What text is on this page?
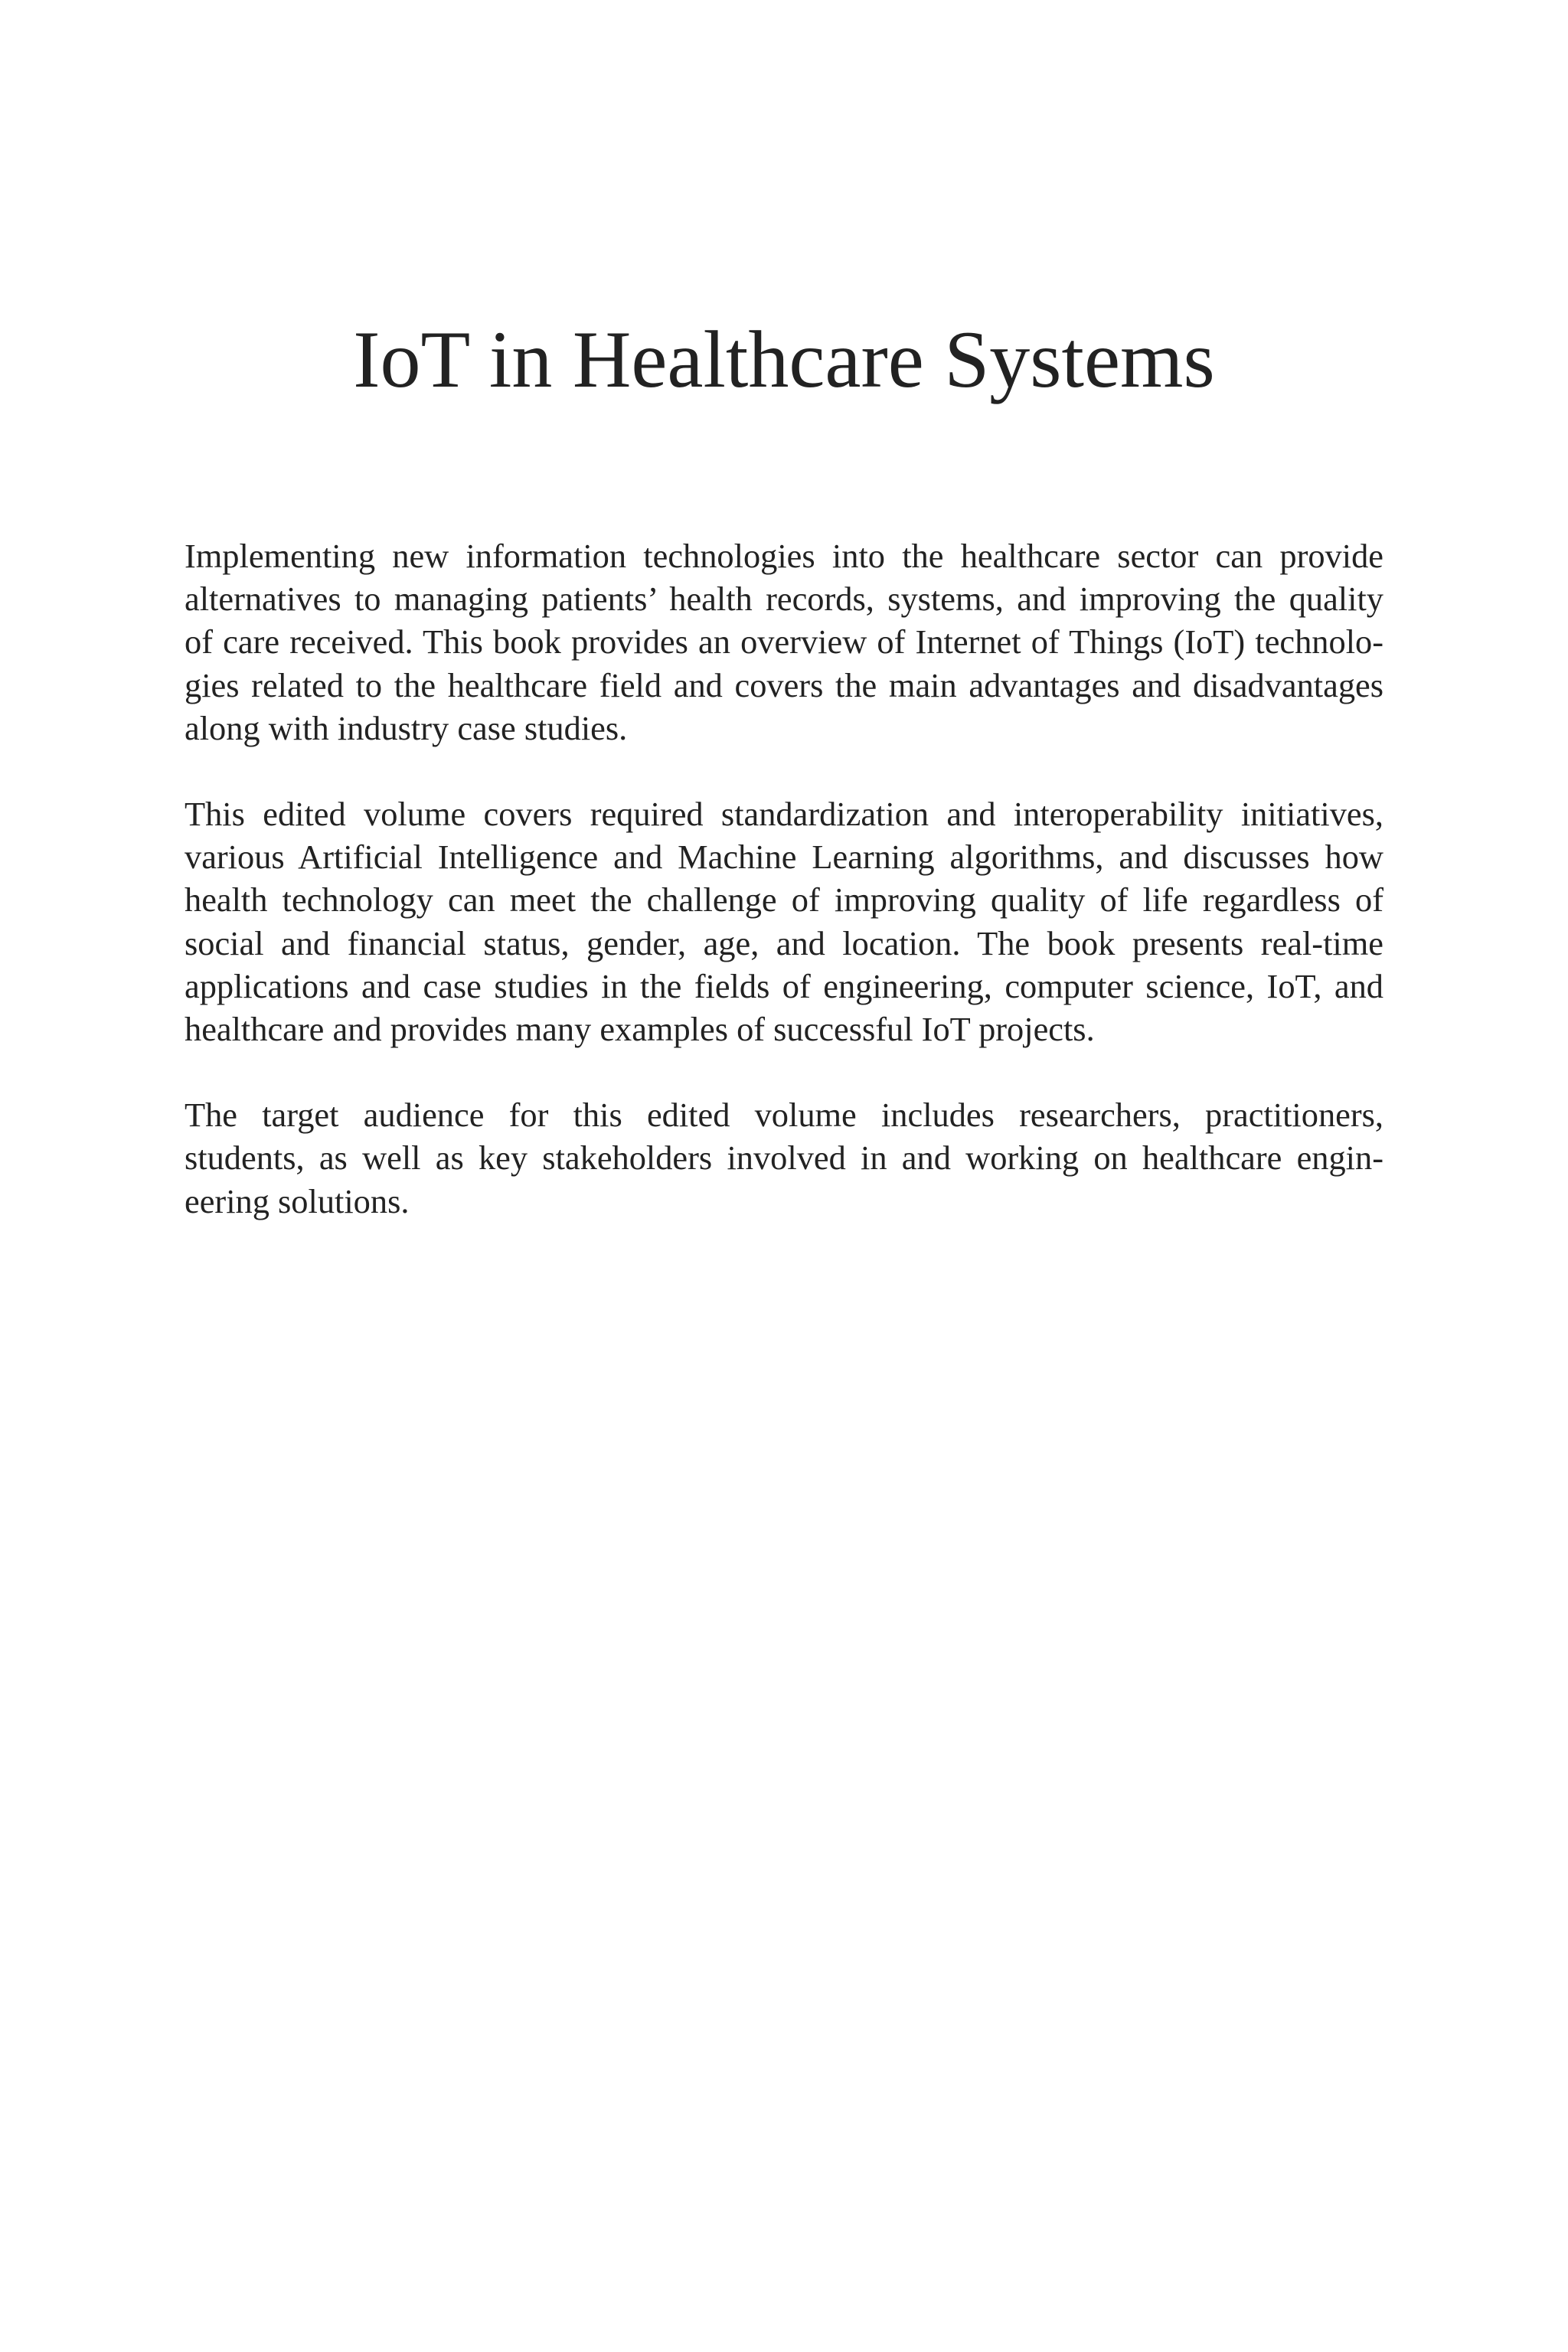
IoT in Healthcare Systems

Implementing new information technologies into the healthcare sector can provide
alternatives to managing patients’ health records, systems, and improving the quality
of care received. This book provides an overview of Internet of Things (IoT) technolo-
gies related to the healthcare field and covers the main advantages and disadvantages
along with industry case studies.

This edited volume covers required standardization and interoperability initiatives,
various Artificial Intelligence and Machine Learning algorithms, and discusses how
health technology can meet the challenge of improving quality of life regardless of
social and financial status, gender, age, and location. The book presents real-time
applications and case studies in the fields of engineering, computer science, IoT, and
healthcare and provides many examples of successful IoT projects.

The target audience for this edited volume includes researchers, practitioners,
students, as well as key stakeholders involved in and working on healthcare engin-
eering solutions.
